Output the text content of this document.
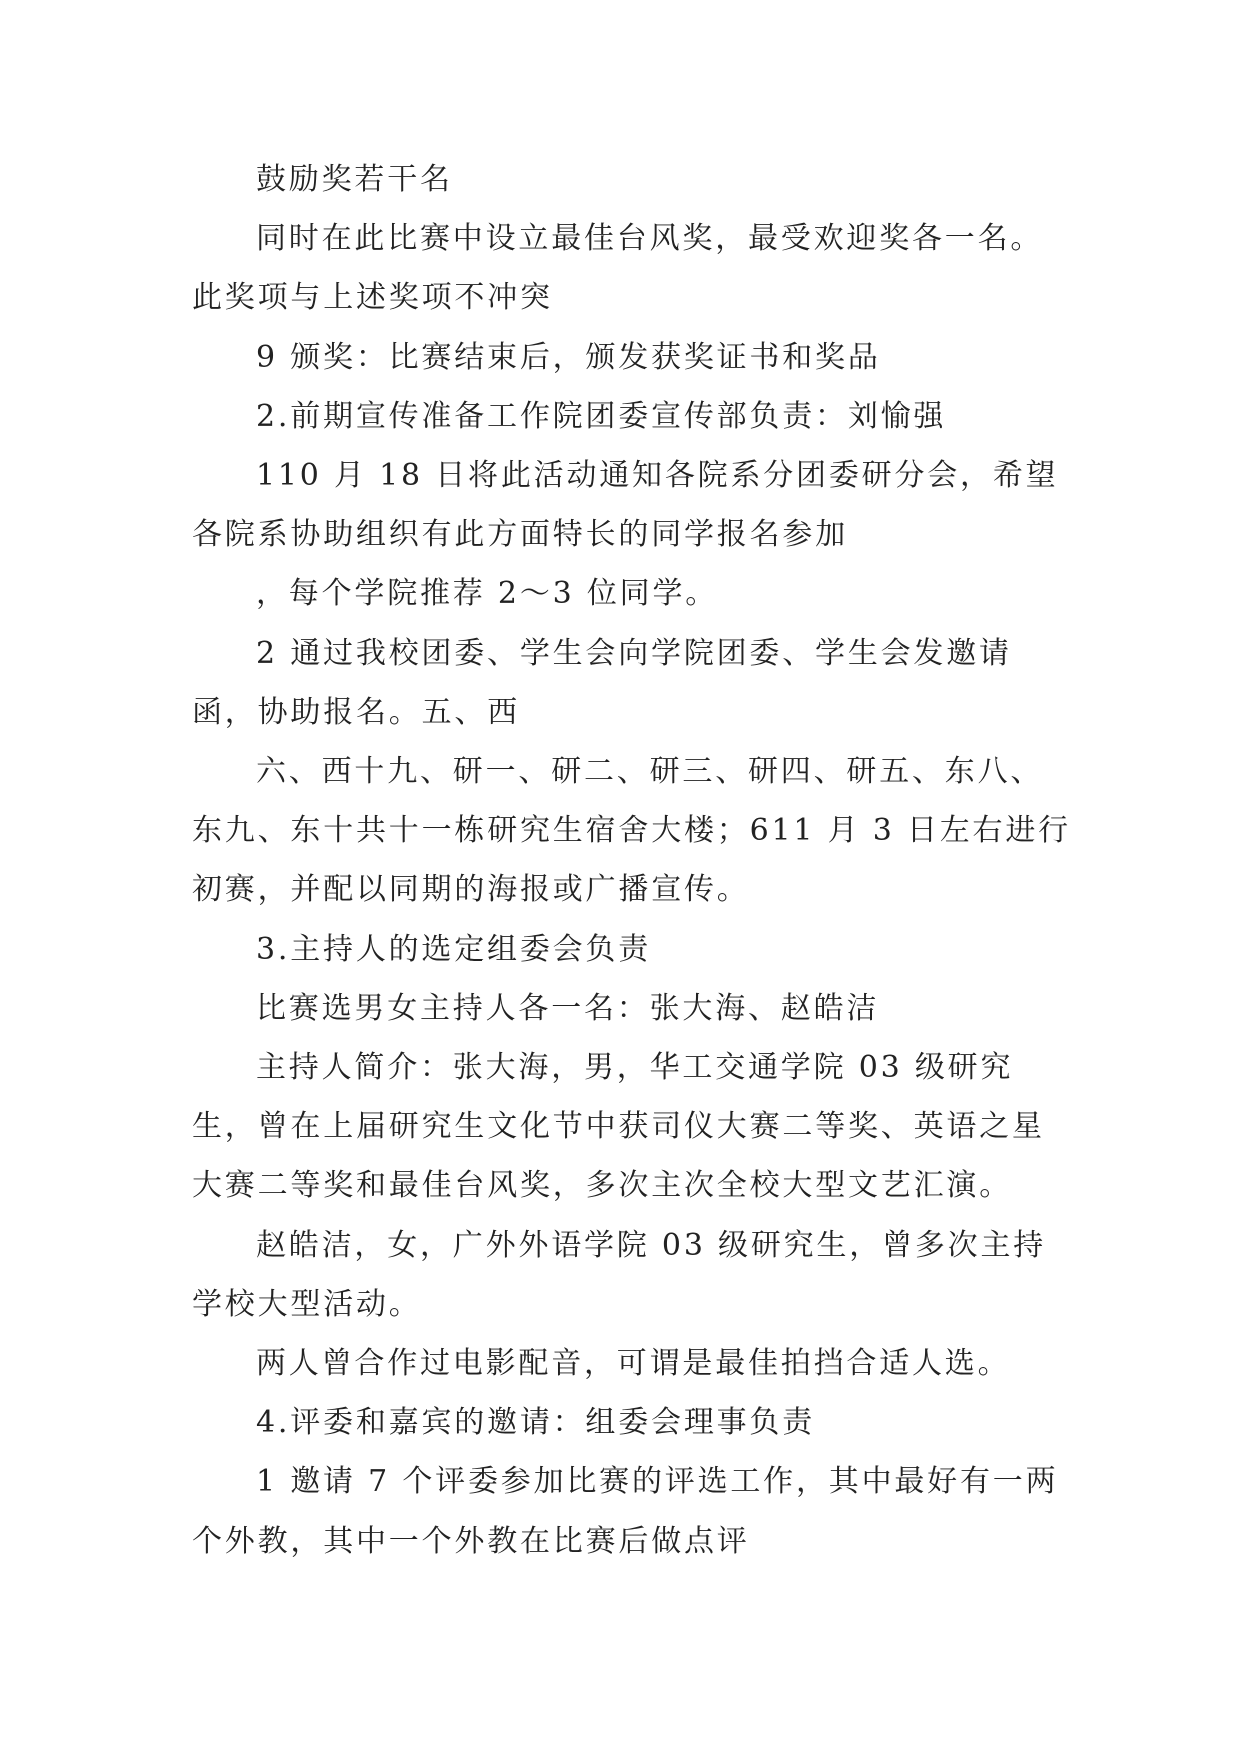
鼓励奖若干名

同时在此比赛中设立最佳台风奖，最受欢迎奖各一名。此奖项与上述奖项不冲突

9 颁奖：比赛结束后，颁发获奖证书和奖品

2.前期宣传准备工作院团委宣传部负责：刘愉强

110 月 18 日将此活动通知各院系分团委研分会，希望各院系协助组织有此方面特长的同学报名参加

，每个学院推荐 2～3 位同学。

2 通过我校团委、学生会向学院团委、学生会发邀请函，协助报名。五、西

六、西十九、研一、研二、研三、研四、研五、东八、东九、东十共十一栋研究生宿舍大楼；611 月 3 日左右进行初赛，并配以同期的海报或广播宣传。

3.主持人的选定组委会负责

比赛选男女主持人各一名：张大海、赵皓洁

主持人简介：张大海，男，华工交通学院 03 级研究生，曾在上届研究生文化节中获司仪大赛二等奖、英语之星大赛二等奖和最佳台风奖，多次主次全校大型文艺汇演。

赵皓洁，女，广外外语学院 03 级研究生，曾多次主持学校大型活动。

两人曾合作过电影配音，可谓是最佳拍挡合适人选。

4.评委和嘉宾的邀请：组委会理事负责

1 邀请 7 个评委参加比赛的评选工作，其中最好有一两个外教，其中一个外教在比赛后做点评
